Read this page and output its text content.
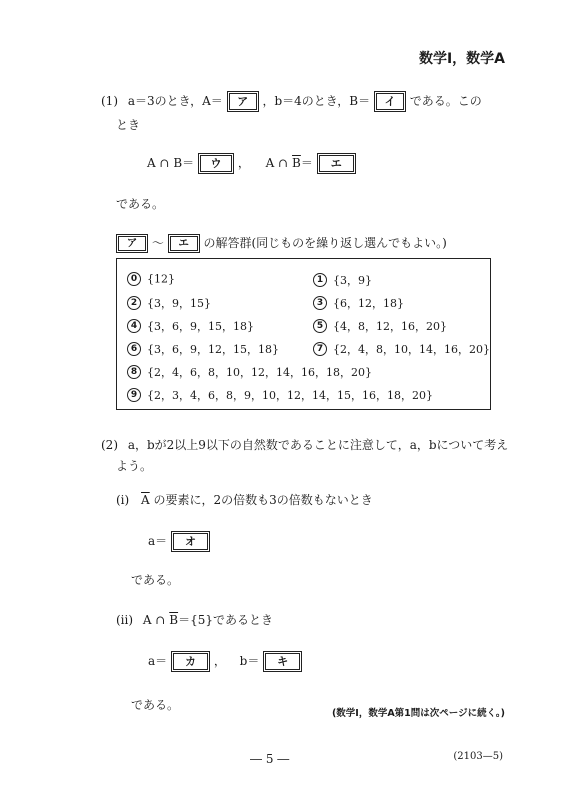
数学Ⅰ，数学A
(1) a＝3のとき，A＝ ア ，b＝4のとき，B＝ イ である。この
とき
A ∩ B＝ ウ ， A ∩ $\overline{B}=$ エ
である。
ア ～ エ の解答群(同じものを繰り返し選んでもよい。)
0 {12}	1 {3，9}
2 {3，9，15}	3 {6，12，18}
4 {3，6，9，15，18}	5 {4，8，12，16，20}
6 {3，6，9，12，15，18}	7 {2，4，8，10，14，16，20}
8 {2，4，6，8，10，12，14，16，18，20}
9 {2，3，4，6，8，9，10，12，14，15，16，18，20}
(2) a，bが2以上9以下の自然数であることに注意して，a，bについて考え
よう。
(i) $\overline{A}$ の要素に，2の倍数も3の倍数もないとき
a＝ オ
である。
(ii) A ∩ $\overline{B}=\{5\}$であるとき
a＝ カ ， b＝ キ
である。
(数学Ⅰ，数学A第1問は次ページに続く。)
― 5 ―	(2103—5)
